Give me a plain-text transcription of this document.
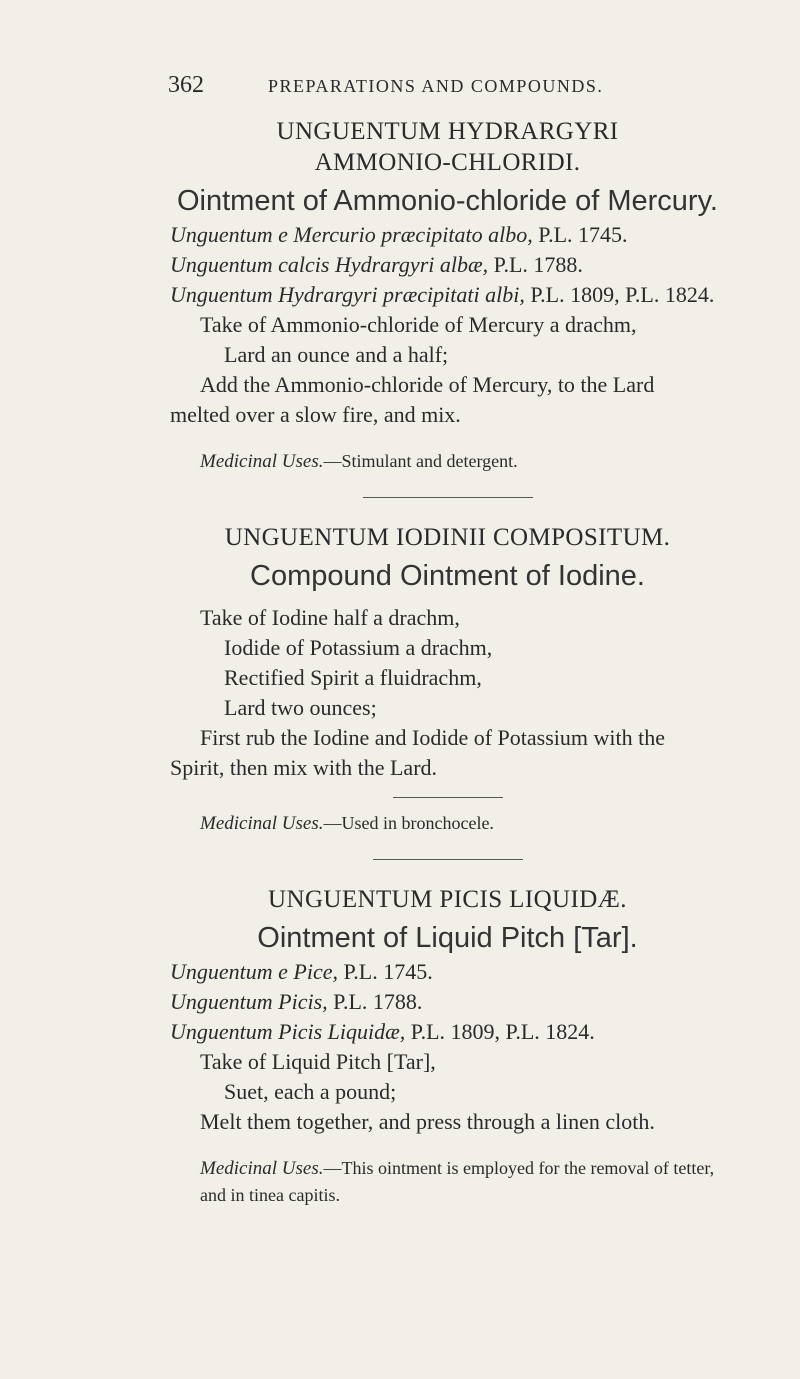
362	PREPARATIONS AND COMPOUNDS.
UNGUENTUM HYDRARGYRI
AMMONIO-CHLORIDI.
Ointment of Ammonio-chloride of Mercury.
Unguentum e Mercurio præcipitato albo, P.L. 1745.
Unguentum calcis Hydrargyri albæ, P.L. 1788.
Unguentum Hydrargyri præcipitati albi, P.L. 1809, P.L. 1824.
Take of Ammonio-chloride of Mercury a drachm,
Lard an ounce and a half;
Add the Ammonio-chloride of Mercury, to the Lard
melted over a slow fire, and mix.
Medicinal Uses.—Stimulant and detergent.
UNGUENTUM IODINII COMPOSITUM.
Compound Ointment of Iodine.
Take of Iodine half a drachm,
Iodide of Potassium a drachm,
Rectified Spirit a fluidrachm,
Lard two ounces;
First rub the Iodine and Iodide of Potassium with the
Spirit, then mix with the Lard.
Medicinal Uses.—Used in bronchocele.
UNGUENTUM PICIS LIQUIDÆ.
Ointment of Liquid Pitch [Tar].
Unguentum e Pice, P.L. 1745.
Unguentum Picis, P.L. 1788.
Unguentum Picis Liquidæ, P.L. 1809, P.L. 1824.
Take of Liquid Pitch [Tar],
Suet, each a pound;
Melt them together, and press through a linen cloth.
Medicinal Uses.—This ointment is employed for the removal of tetter, and in tinea capitis.
